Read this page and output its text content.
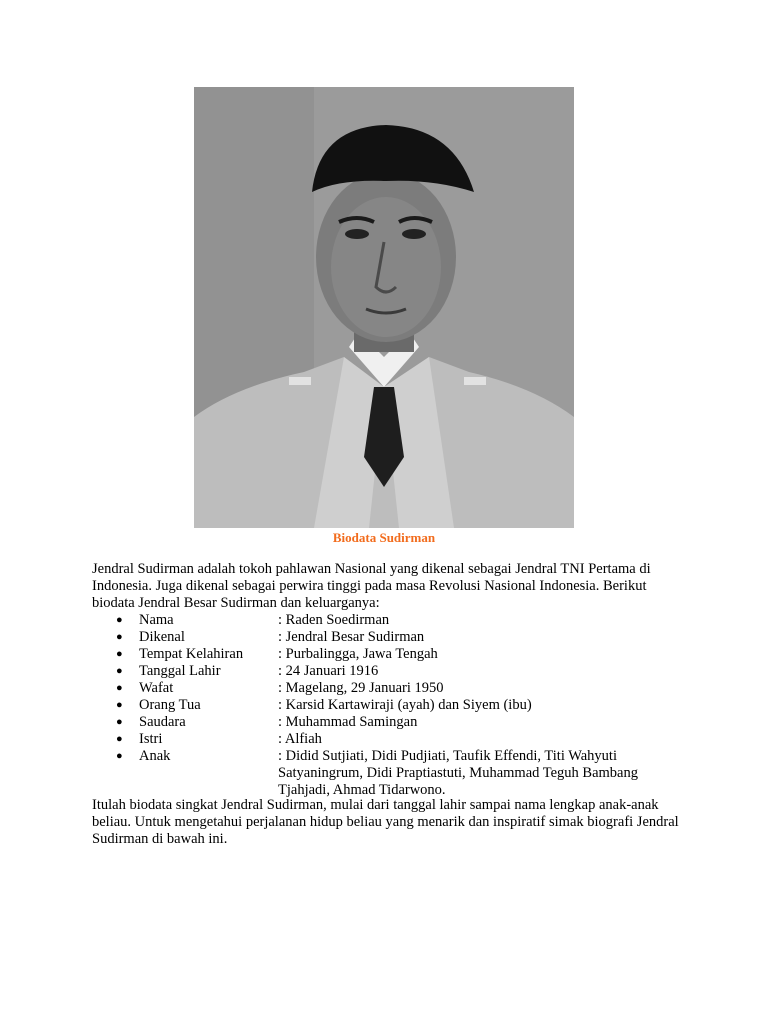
Biodata Sudirman

Jendral Sudirman adalah tokoh pahlawan Nasional yang dikenal sebagai Jendral TNI Pertama di Indonesia. Juga dikenal sebagai perwira tinggi pada masa Revolusi Nasional Indonesia. Berikut biodata Jendral Besar Sudirman dan keluarganya:

● Nama	: Raden Soedirman
● Dikenal	: Jendral Besar Sudirman
● Tempat Kelahiran	: Purbalingga, Jawa Tengah
● Tanggal Lahir	: 24 Januari 1916
● Wafat	: Magelang, 29 Januari 1950
● Orang Tua	: Karsid Kartawiraji (ayah) dan Siyem (ibu)
● Saudara	: Muhammad Samingan
● Istri	: Alfiah
● Anak	: Didid Sutjiati, Didi Pudjiati, Taufik Effendi, Titi Wahyuti Satyaningrum, Didi Praptiastuti, Muhammad Teguh Bambang Tjahjadi, Ahmad Tidarwono.

Itulah biodata singkat Jendral Sudirman, mulai dari tanggal lahir sampai nama lengkap anak-anak beliau. Untuk mengetahui perjalanan hidup beliau yang menarik dan inspiratif simak biografi Jendral Sudirman di bawah ini.
